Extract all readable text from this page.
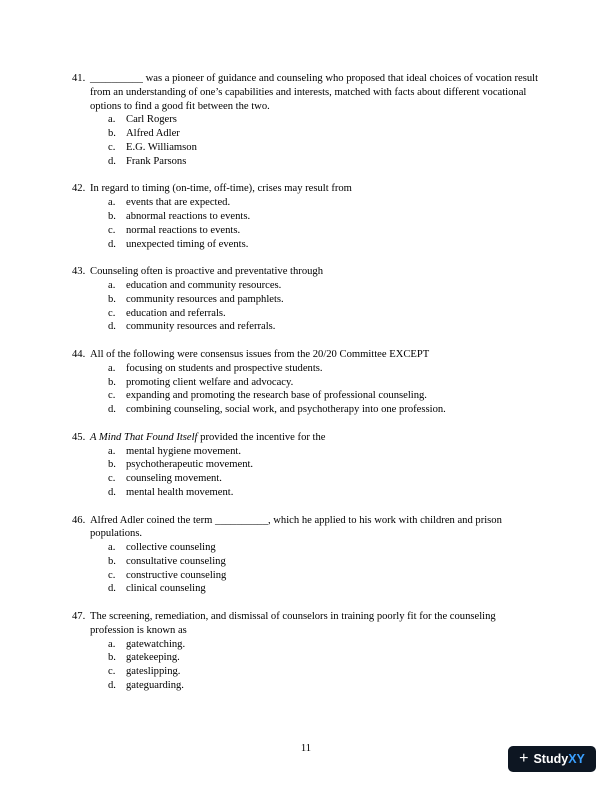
41. __________ was a pioneer of guidance and counseling who proposed that ideal choices of vocation result from an understanding of one’s capabilities and interests, matched with facts about different vocational options to find a good fit between the two.
a.	Carl Rogers
b. Alfred Adler
c.	E.G. Williamson
d. Frank Parsons
42. In regard to timing (on-time, off-time), crises may result from
a.	events that are expected.
b. abnormal reactions to events.
c.	normal reactions to events.
d. unexpected timing of events.
43. Counseling often is proactive and preventative through
a.	education and community resources.
b. community resources and pamphlets.
c.	education and referrals.
d. community resources and referrals.
44. All of the following were consensus issues from the 20/20 Committee EXCEPT
a.	focusing on students and prospective students.
b. promoting client welfare and advocacy.
c.	expanding and promoting the research base of professional counseling.
d. combining counseling, social work, and psychotherapy into one profession.
45. A Mind That Found Itself provided the incentive for the
a.	mental hygiene movement.
b. psychotherapeutic movement.
c.	counseling movement.
d. mental health movement.
46. Alfred Adler coined the term __________, which he applied to his work with children and prison populations.
a.	collective counseling
b. consultative counseling
c.	constructive counseling
d. clinical counseling
47. The screening, remediation, and dismissal of counselors in training poorly fit for the counseling profession is known as
a.	gatewatching.
b. gatekeeping.
c.	gateslipping.
d. gateguarding.
11
+ StudyXY
